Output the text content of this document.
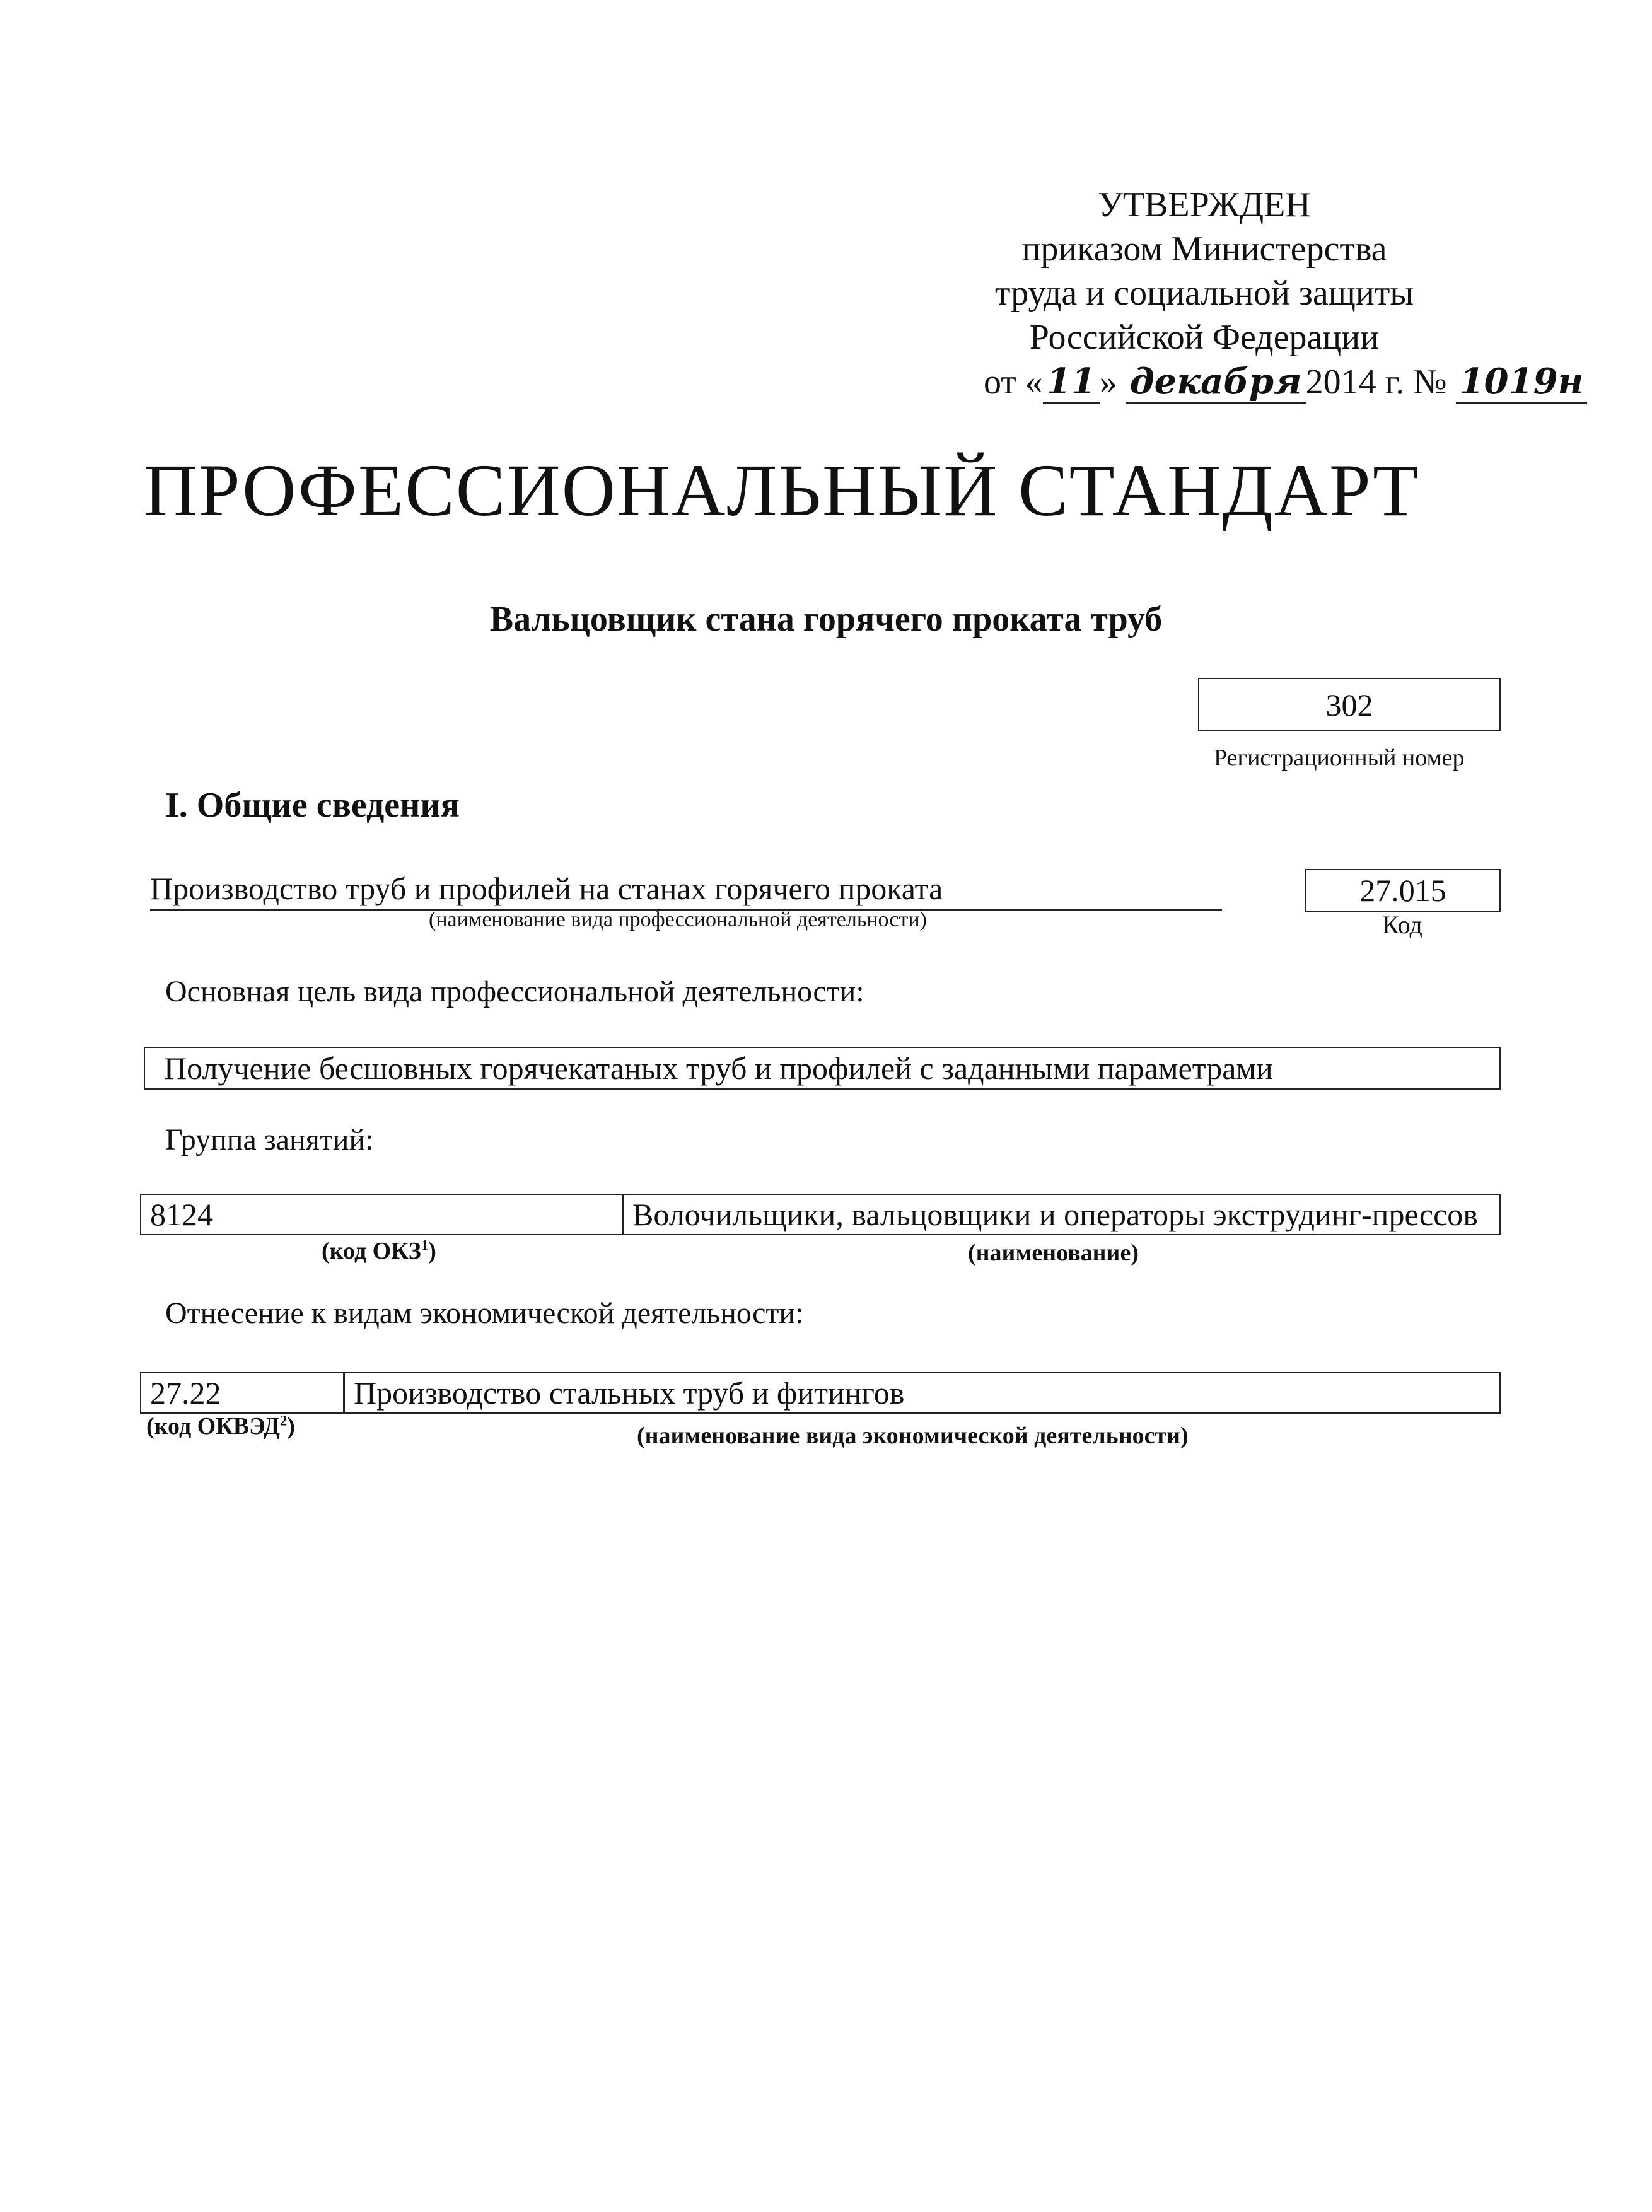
УТВЕРЖДЕН
приказом Министерства
труда и социальной защиты
Российской Федерации
от « 11 » декабря 2014 г. № 1019н
ПРОФЕССИОНАЛЬНЫЙ СТАНДАРТ
Вальцовщик стана горячего проката труб
302
Регистрационный номер
I. Общие сведения
Производство труб и профилей на станах горячего проката
(наименование вида профессиональной деятельности)
27.015
Код
Основная цель вида профессиональной деятельности:
Получение бесшовных горячекатаных труб и профилей с заданными параметрами
Группа занятий:
8124	Волочильщики, вальцовщики и операторы экструдинг-прессов
(код ОКЗ$^1$)	(наименование)
Отнесение к видам экономической деятельности:
27.22	Производство стальных труб и фитингов
(код ОКВЭД$^2$)	(наименование вида экономической деятельности)
